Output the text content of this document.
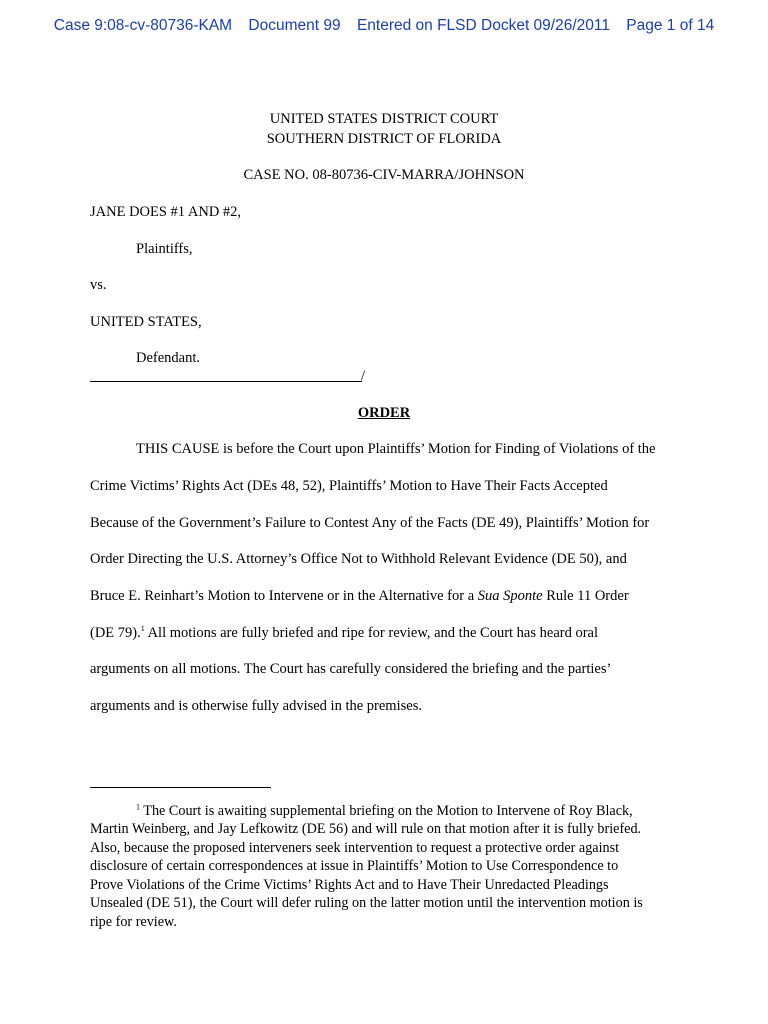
Case 9:08-cv-80736-KAM Document 99 Entered on FLSD Docket 09/26/2011 Page 1 of 14
UNITED STATES DISTRICT COURT
SOUTHERN DISTRICT OF FLORIDA
CASE NO. 08-80736-CIV-MARRA/JOHNSON
JANE DOES #1 AND #2,
Plaintiffs,
vs.
UNITED STATES,
Defendant.
/
ORDER
THIS CAUSE is before the Court upon Plaintiffs’ Motion for Finding of Violations of the
Crime Victims’ Rights Act (DEs 48, 52), Plaintiffs’ Motion to Have Their Facts Accepted
Because of the Government’s Failure to Contest Any of the Facts (DE 49), Plaintiffs’ Motion for
Order Directing the U.S. Attorney’s Office Not to Withhold Relevant Evidence (DE 50), and
Bruce E. Reinhart’s Motion to Intervene or in the Alternative for a Sua Sponte Rule 11 Order
(DE 79).$^1$ All motions are fully briefed and ripe for review, and the Court has heard oral
arguments on all motions. The Court has carefully considered the briefing and the parties’
arguments and is otherwise fully advised in the premises.
$^1$ The Court is awaiting supplemental briefing on the Motion to Intervene of Roy Black,
Martin Weinberg, and Jay Lefkowitz (DE 56) and will rule on that motion after it is fully briefed.
Also, because the proposed interveners seek intervention to request a protective order against
disclosure of certain correspondences at issue in Plaintiffs’ Motion to Use Correspondence to
Prove Violations of the Crime Victims’ Rights Act and to Have Their Unredacted Pleadings
Unsealed (DE 51), the Court will defer ruling on the latter motion until the intervention motion is
ripe for review.
